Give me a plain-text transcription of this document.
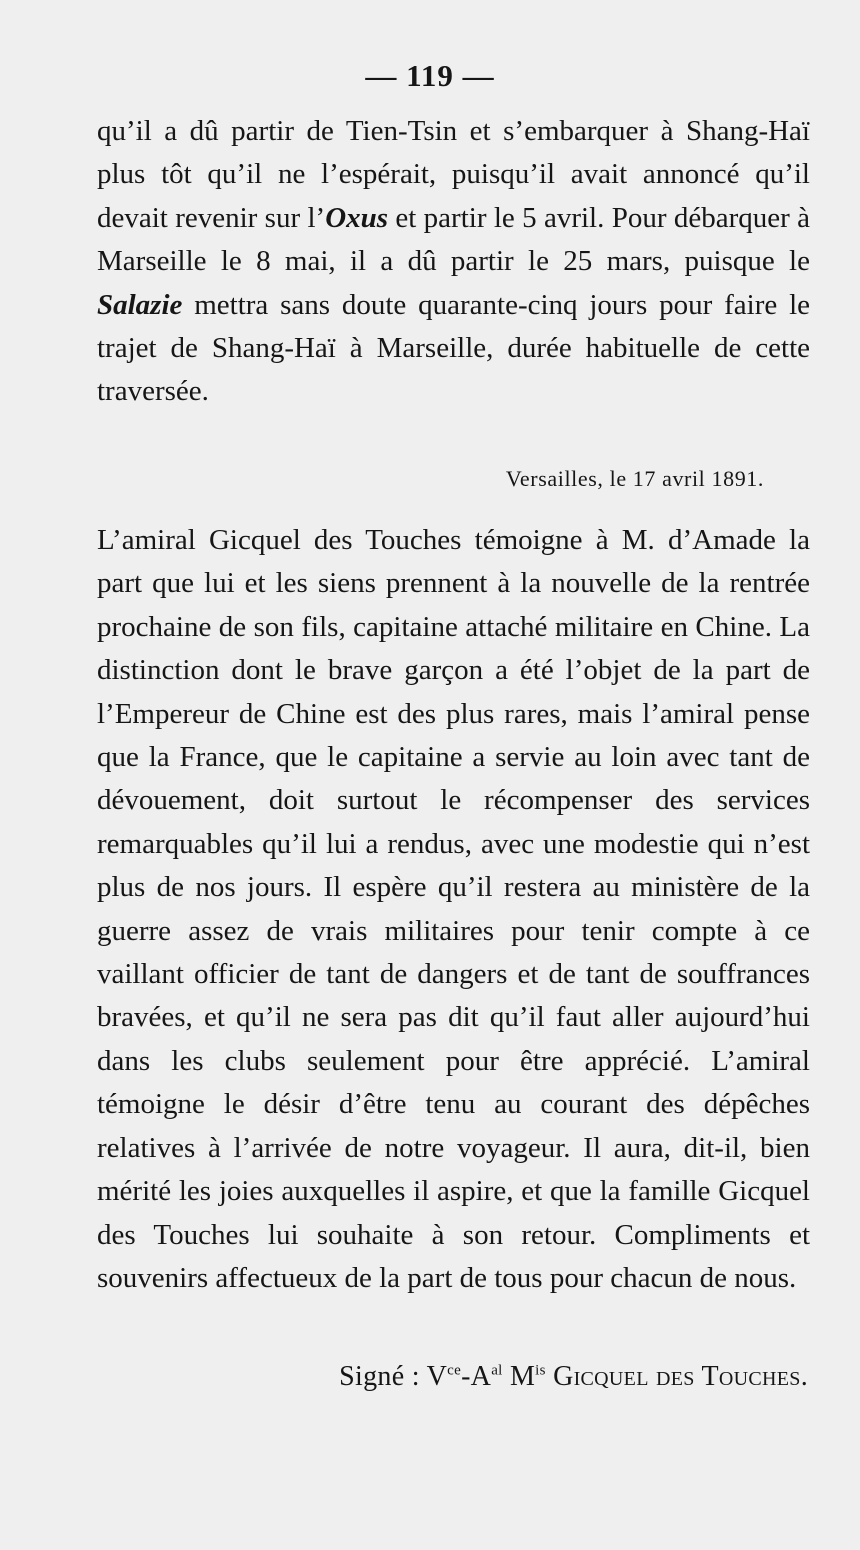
— 119 —

qu’il a dû partir de Tien-Tsin et s’embarquer à Shang-Haï plus tôt qu’il ne l’espérait, puisqu’il avait annoncé qu’il devait revenir sur l’Oxus et partir le 5 avril. Pour débarquer à Marseille le 8 mai, il a dû partir le 25 mars, puisque le Salazie mettra sans doute quarante-cinq jours pour faire le trajet de Shang-Haï à Marseille, durée habituelle de cette traversée.

Versailles, le 17 avril 1891.

L’amiral Gicquel des Touches témoigne à M. d’Amade la part que lui et les siens prennent à la nouvelle de la rentrée prochaine de son fils, capitaine attaché militaire en Chine. La distinction dont le brave garçon a été l’objet de la part de l’Empereur de Chine est des plus rares, mais l’amiral pense que la France, que le capitaine a servie au loin avec tant de dévouement, doit surtout le récompenser des services remarquables qu’il lui a rendus, avec une modestie qui n’est plus de nos jours. Il espère qu’il restera au ministère de la guerre assez de vrais militaires pour tenir compte à ce vaillant officier de tant de dangers et de tant de souffrances bravées, et qu’il ne sera pas dit qu’il faut aller aujourd’hui dans les clubs seulement pour être apprécié. L’amiral témoigne le désir d’être tenu au courant des dépêches relatives à l’arrivée de notre voyageur. Il aura, dit-il, bien mérité les joies auxquelles il aspire, et que la famille Gicquel des Touches lui souhaite à son retour. Compliments et souvenirs affectueux de la part de tous pour chacun de nous.

Signé : $V^{ce}-A^{al}$ $M^{is}$ Gicquel des Touches.
